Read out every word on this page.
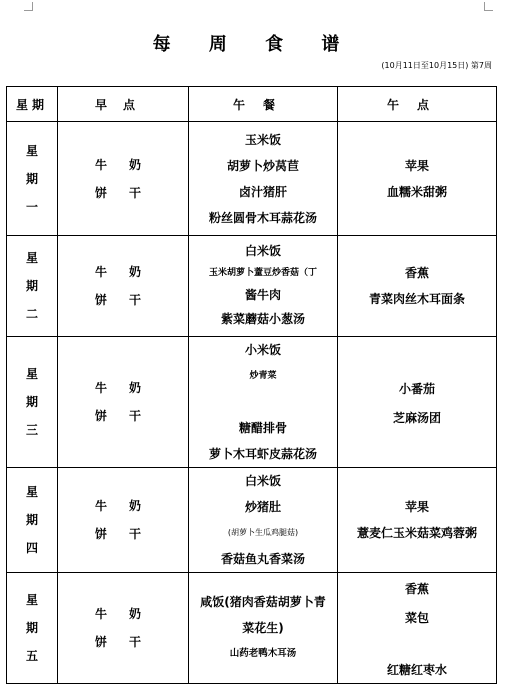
每 周 食 谱
(10月11日至10月15日) 第7周
星期	早点	午餐	午点

星
期
一	牛奶
饼干	玉米饭
胡萝卜炒莴苣
卤汁猪肝
粉丝圆骨木耳蒜花汤	苹果
血糯米甜粥

星
期
二	牛奶
饼干	白米饭
玉米胡萝卜蕫豆炒香菇（丁
酱牛肉
紫菜蘑菇小葱汤	香蕉
青菜肉丝木耳面条

星
期
三	牛奶
饼干	小米饭
炒青菜

糖醋排骨
萝卜木耳虾皮蒜花汤	小番茄
芝麻汤团

星
期
四	牛奶
饼干	白米饭
炒猪肚
(胡萝卜生瓜鸡腿菇)
香菇鱼丸香菜汤	苹果
薏麦仁玉米菇菜鸡蓉粥

星
期
五	牛奶
饼干	咸饭(猪肉香菇胡萝卜青
菜花生)
山药老鸭木耳汤	香蕉
菜包

红糖红枣水
